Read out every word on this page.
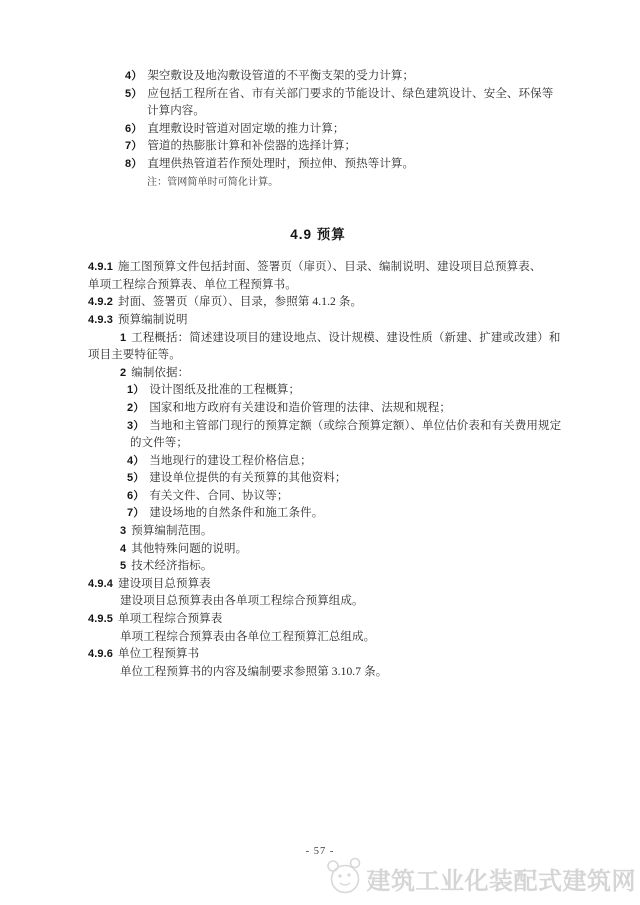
4） 架空敷设及地沟敷设管道的不平衡支架的受力计算；

5） 应包括工程所在省、市有关部门要求的节能设计、绿色建筑设计、安全、环保等

计算内容。

6） 直埋敷设时管道对固定墩的推力计算；

7） 管道的热膨胀计算和补偿器的选择计算；

8） 直埋供热管道若作预处理时，预拉伸、预热等计算。

注：管网简单时可简化计算。

4.9 预算

4.9.1 施工图预算文件包括封面、签署页（扉页）、目录、编制说明、建设项目总预算表、

单项工程综合预算表、单位工程预算书。

4.9.2 封面、签署页（扉页）、目录，参照第 4.1.2 条。

4.9.3 预算编制说明

1 工程概括：简述建设项目的建设地点、设计规模、建设性质（新建、扩建或改建）和

项目主要特征等。

2 编制依据：

1） 设计图纸及批准的工程概算；

2） 国家和地方政府有关建设和造价管理的法律、法规和规程；

3） 当地和主管部门现行的预算定额（或综合预算定额）、单位估价表和有关费用规定

的文件等；

4） 当地现行的建设工程价格信息；

5） 建设单位提供的有关预算的其他资料；

6） 有关文件、合同、协议等；

7） 建设场地的自然条件和施工条件。

3 预算编制范围。

4 其他特殊问题的说明。

5 技术经济指标。

4.9.4 建设项目总预算表

建设项目总预算表由各单项工程综合预算组成。

4.9.5 单项工程综合预算表

单项工程综合预算表由各单位工程预算汇总组成。

4.9.6 单位工程预算书

单位工程预算书的内容及编制要求参照第 3.10.7 条。

- 57 -
建筑工业化装配式建筑网
